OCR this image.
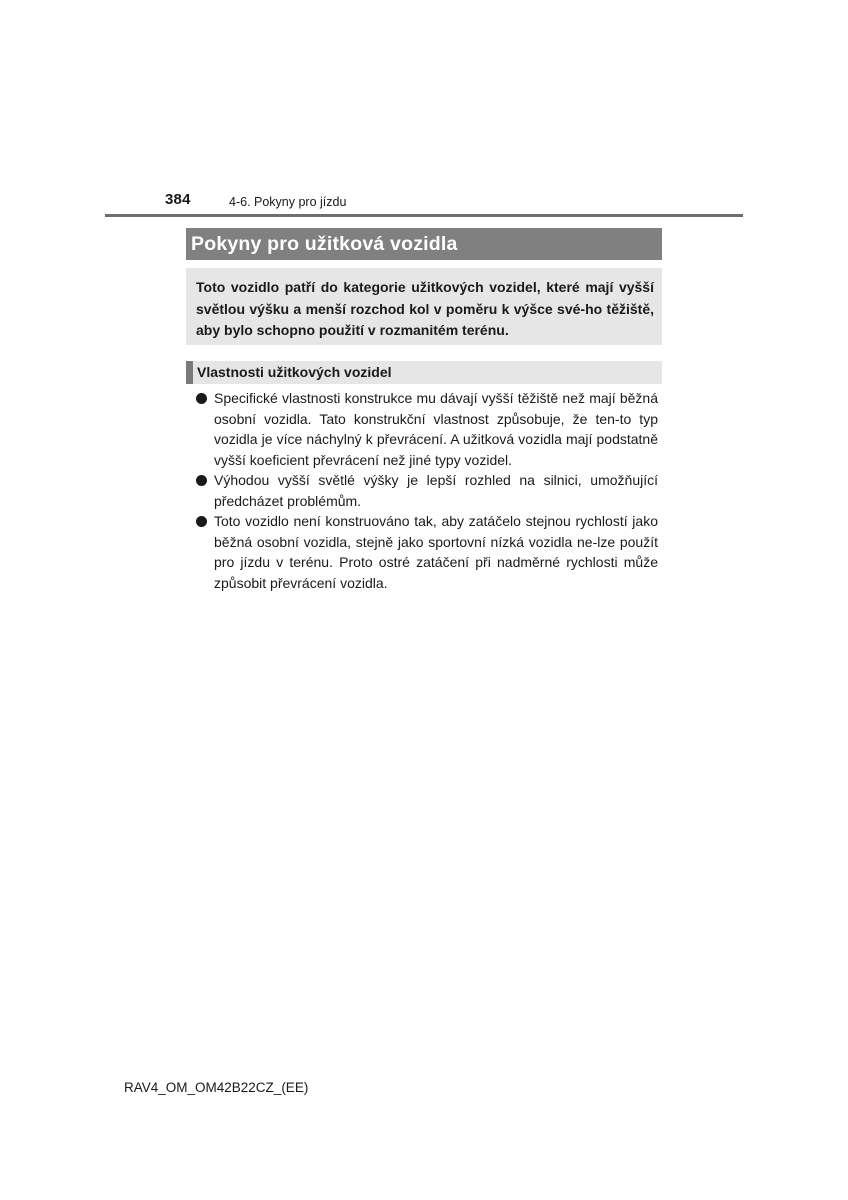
384	4-6. Pokyny pro jízdu
Pokyny pro užitková vozidla
Toto vozidlo patří do kategorie užitkových vozidel, které mají vyšší světlou výšku a menší rozchod kol v poměru k výšce své-ho těžiště, aby bylo schopno použití v rozmanitém terénu.
Vlastnosti užitkových vozidel
Specifické vlastnosti konstrukce mu dávají vyšší těžiště než mají běžná osobní vozidla. Tato konstrukční vlastnost způsobuje, že ten-to typ vozidla je více náchylný k převrácení. A užitková vozidla mají podstatně vyšší koeficient převrácení než jiné typy vozidel.
Výhodou vyšší světlé výšky je lepší rozhled na silnici, umožňující předcházet problémům.
Toto vozidlo není konstruováno tak, aby zatáčelo stejnou rychlostí jako běžná osobní vozidla, stejně jako sportovní nízká vozidla ne-lze použít pro jízdu v terénu. Proto ostré zatáčení při nadměrné rychlosti může způsobit převrácení vozidla.
RAV4_OM_OM42B22CZ_(EE)
